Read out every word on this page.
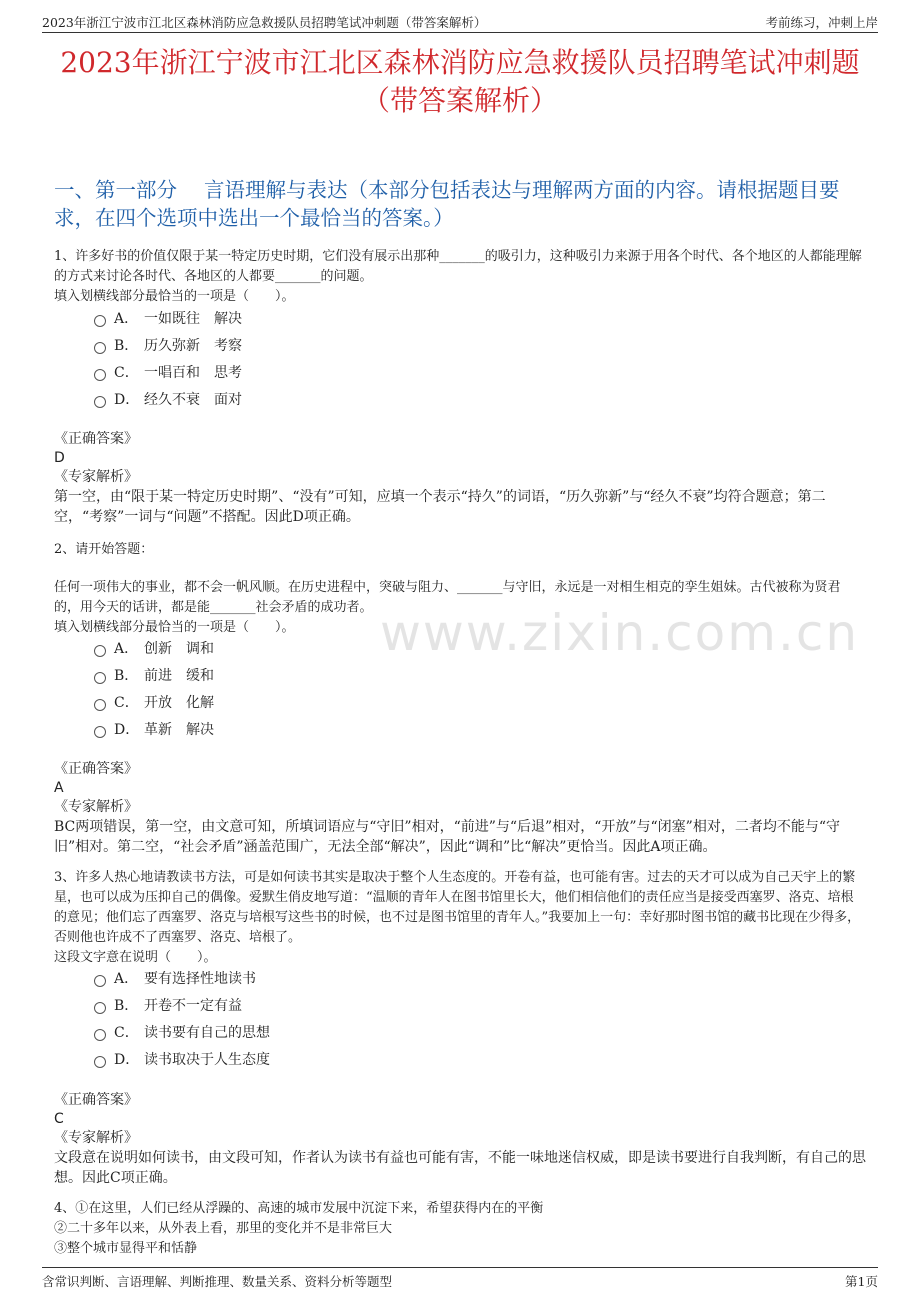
2023年浙江宁波市江北区森林消防应急救援队员招聘笔试冲刺题（带答案解析）	考前练习，冲刺上岸
www.zixin.com.cn
2023年浙江宁波市江北区森林消防应急救援队员招聘笔试冲刺题（带答案解析）
一、第一部分　 言语理解与表达（本部分包括表达与理解两方面的内容。请根据题目要求，在四个选项中选出一个最恰当的答案。）

1、许多好书的价值仅限于某一特定历史时期，它们没有展示出那种_______的吸引力，这种吸引力来源于用各个时代、各个地区的人都能理解的方式来讨论各时代、各地区的人都要_______的问题。

填入划横线部分最恰当的一项是（　　）。

A． 一如既往　解决
B． 历久弥新　考察
C． 一唱百和　思考
D． 经久不衰　面对

《正确答案》

D

《专家解析》

第一空，由“限于某一特定历史时期”、“没有”可知，应填一个表示“持久”的词语，“历久弥新”与“经久不衰”均符合题意；第二空，“考察”一词与“问题”不搭配。因此D项正确。

2、请开始答题：

任何一项伟大的事业，都不会一帆风顺。在历史进程中，突破与阻力、_______与守旧，永远是一对相生相克的孪生姐妹。古代被称为贤君的，用今天的话讲，都是能_______社会矛盾的成功者。

填入划横线部分最恰当的一项是（　　）。

A． 创新　调和
B． 前进　缓和
C． 开放　化解
D． 革新　解决

《正确答案》

A

《专家解析》

BC两项错误，第一空，由文意可知，所填词语应与“守旧”相对，“前进”与“后退”相对，“开放”与“闭塞”相对，二者均不能与“守旧”相对。第二空，“社会矛盾”涵盖范围广，无法全部“解决”，因此“调和”比“解决”更恰当。因此A项正确。

3、许多人热心地请教读书方法，可是如何读书其实是取决于整个人生态度的。开卷有益，也可能有害。过去的天才可以成为自己天宇上的繁星，也可以成为压抑自己的偶像。爱默生俏皮地写道：“温顺的青年人在图书馆里长大，他们相信他们的责任应当是接受西塞罗、洛克、培根的意见；他们忘了西塞罗、洛克与培根写这些书的时候，也不过是图书馆里的青年人。”我要加上一句：幸好那时图书馆的藏书比现在少得多，否则他也许成不了西塞罗、洛克、培根了。

这段文字意在说明（　　）。

A． 要有选择性地读书
B． 开卷不一定有益
C． 读书要有自己的思想
D． 读书取决于人生态度

《正确答案》

C

《专家解析》

文段意在说明如何读书，由文段可知，作者认为读书有益也可能有害，不能一味地迷信权威，即是读书要进行自我判断，有自己的思想。因此C项正确。

4、①在这里，人们已经从浮躁的、高速的城市发展中沉淀下来，希望获得内在的平衡

②二十多年以来，从外表上看，那里的变化并不是非常巨大

③整个城市显得平和恬静

含常识判断、言语理解、判断推理、数量关系、资料分析等题型	第1页
